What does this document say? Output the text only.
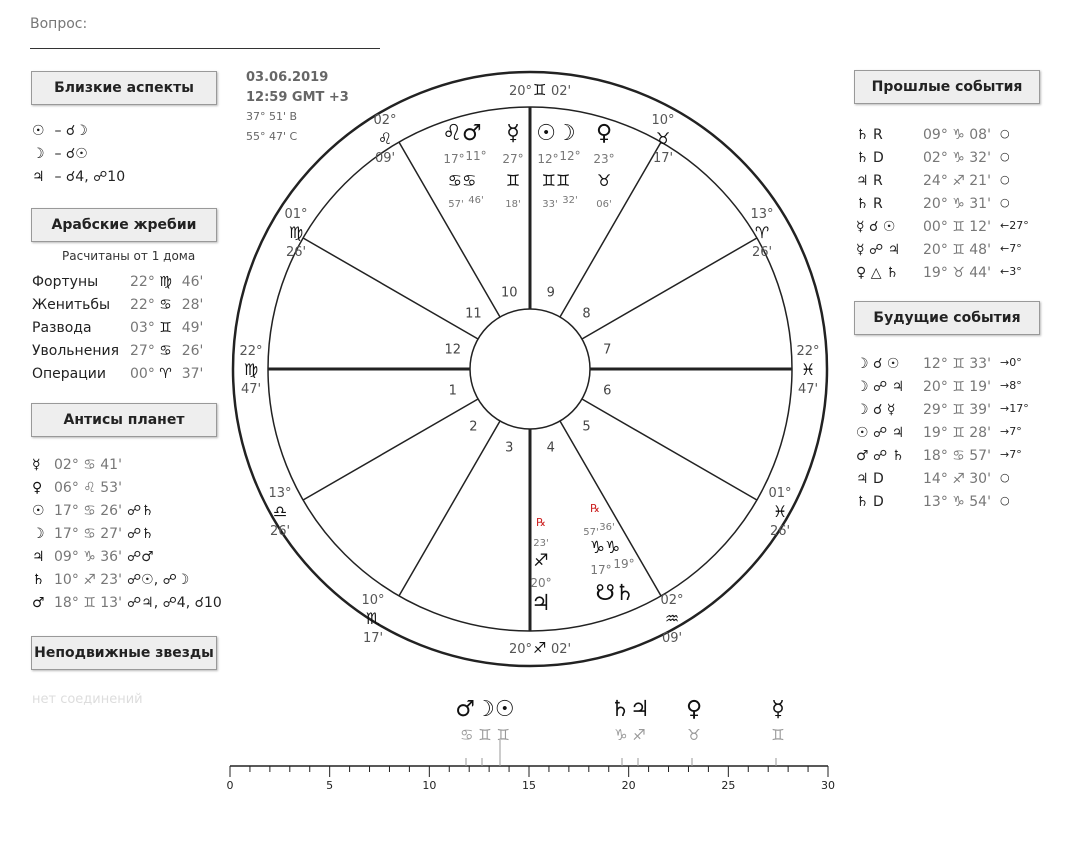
Вопрос:
03.06.2019
12:59 GMT +3
37° 51' В
55° 47' С
Близкие аспекты
☉ – ☌☽
☽ – ☌☉
♃ – ☌4, ☍10
Арабские жребии
Расчитаны от 1 дома
Фортуны 22° ♍ 46'
Женитьбы 22° ♋ 28'
Развода	03° ♊ 49'
Увольнения 27° ♋ 26'
Операции 00° ♈ 37'
Антисы планет
☿ 02° ♋ 41'
♀ 06° ♌ 53'
☉ 17° ♋ 26' ☍♄
☽ 17° ♋ 27' ☍♄
♃ 09° ♑ 36' ☍♂
♄ 10° ♐ 23' ☍☉, ☍☽
♂ 18° ♊ 13' ☍♃, ☍4, ☌10
Неподвижные звезды
нет соединений
Прошлые события
♄ R	09° ♑ 08' ○
♄ D	02° ♑ 32' ○
♃ R	24° ♐ 21' ○
♄ R	20° ♑ 31' ○
☿ ☌ ☉ 00° ♊ 12' ←27°
☿ ☍ ♃ 20° ♊ 48' ←7°
♀ △ ♄ 19° ♉ 44' ←3°
Будущие события
☽ ☌ ☉ 12° ♊ 33' →0°
☽ ☍ ♃ 20° ♊ 19' →8°
☽ ☌ ☿ 29° ♊ 39' →17°
☉ ☍ ♃ 19° ♊ 28' →7°
♂ ☍ ♄ 18° ♋ 57' →7°
♃ D	14° ♐ 30' ○
♄ D	13° ♑ 54' ○
1
2
3	4
5
6
7
8
9
10
11
12
22°
♍
47'
13°
♎
26'
10°
♏
17'
20° ♐ 02'
02°
♒
09'
01°
♓
26'
22°
♓
47'
13°
♈
26'
10°
♉
17'
20° ♊ 02'
02°
♌
09'
01°
♍
26'
♌♂
17° 11°
♋♋
57' 46'
☿
27°
♊
18'
☉☽
12° 12°
♊♊
33' 32'
♀
23°
♉
06'
℞
23'
♐
20°
♃
℞
57' 36'
♑♑
17° 19°
☋♄
0	5	10	15	20	25	30
♂☽☉
♋ ♊ ♊
♄♃
♑ ♐
♀
♉
☿
♊
